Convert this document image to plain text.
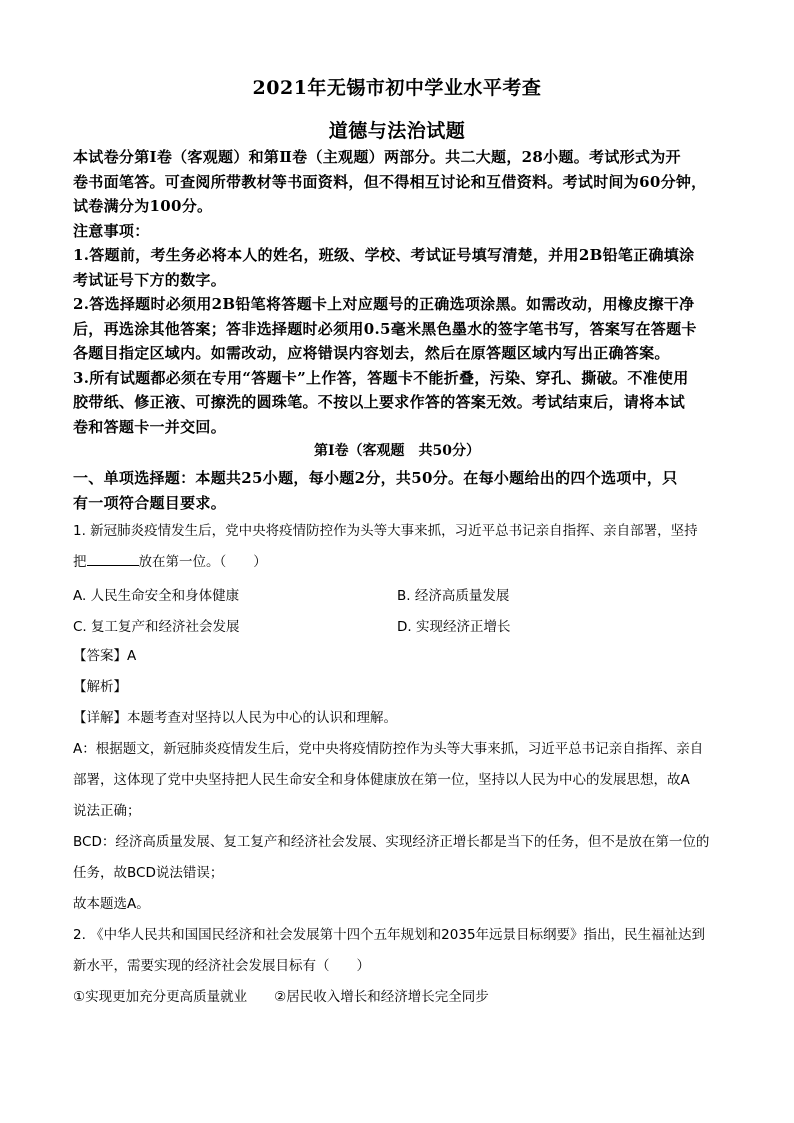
2021年无锡市初中学业水平考查
道德与法治试题

本试卷分第Ⅰ卷（客观题）和第Ⅱ卷（主观题）两部分。共二大题，28小题。考试形式为开

卷书面笔答。可查阅所带教材等书面资料，但不得相互讨论和互借资料。考试时间为60分钟，

试卷满分为100分。

注意事项：

1.答题前，考生务必将本人的姓名，班级、学校、考试证号填写清楚，并用2B铅笔正确填涂

考试证号下方的数字。

2.答选择题时必须用2B铅笔将答题卡上对应题号的正确选项涂黑。如需改动，用橡皮擦干净

后，再选涂其他答案；答非选择题时必须用0.5毫米黑色墨水的签字笔书写，答案写在答题卡

各题目指定区域内。如需改动，应将错误内容划去，然后在原答题区域内写出正确答案。

3.所有试题都必须在专用“答题卡”上作答，答题卡不能折叠，污染、穿孔、撕破。不准使用

胶带纸、修正液、可擦洗的圆珠笔。不按以上要求作答的答案无效。考试结束后，请将本试

卷和答题卡一并交回。

第Ⅰ卷（客观题　共50分）

一、单项选择题：本题共25小题，每小题2分，共50分。在每小题给出的四个选项中，只

有一项符合题目要求。

1. 新冠肺炎疫情发生后，党中央将疫情防控作为头等大事来抓，习近平总书记亲自指挥、亲自部署，坚持

把	放在第一位。（　　）

A. 人民生命安全和身体健康	B. 经济高质量发展
C. 复工复产和经济社会发展	D. 实现经济正增长

【答案】A

【解析】

【详解】本题考查对坚持以人民为中心的认识和理解。

A：根据题文，新冠肺炎疫情发生后，党中央将疫情防控作为头等大事来抓，习近平总书记亲自指挥、亲自

部署，这体现了党中央坚持把人民生命安全和身体健康放在第一位，坚持以人民为中心的发展思想，故A

说法正确；

BCD：经济高质量发展、复工复产和经济社会发展、实现经济正增长都是当下的任务，但不是放在第一位的

任务，故BCD说法错误；

故本题选A。

2. 《中华人民共和国国民经济和社会发展第十四个五年规划和2035年远景目标纲要》指出，民生福祉达到

新水平，需要实现的经济社会发展目标有（　　）

①实现更加充分更高质量就业　　②居民收入增长和经济增长完全同步
